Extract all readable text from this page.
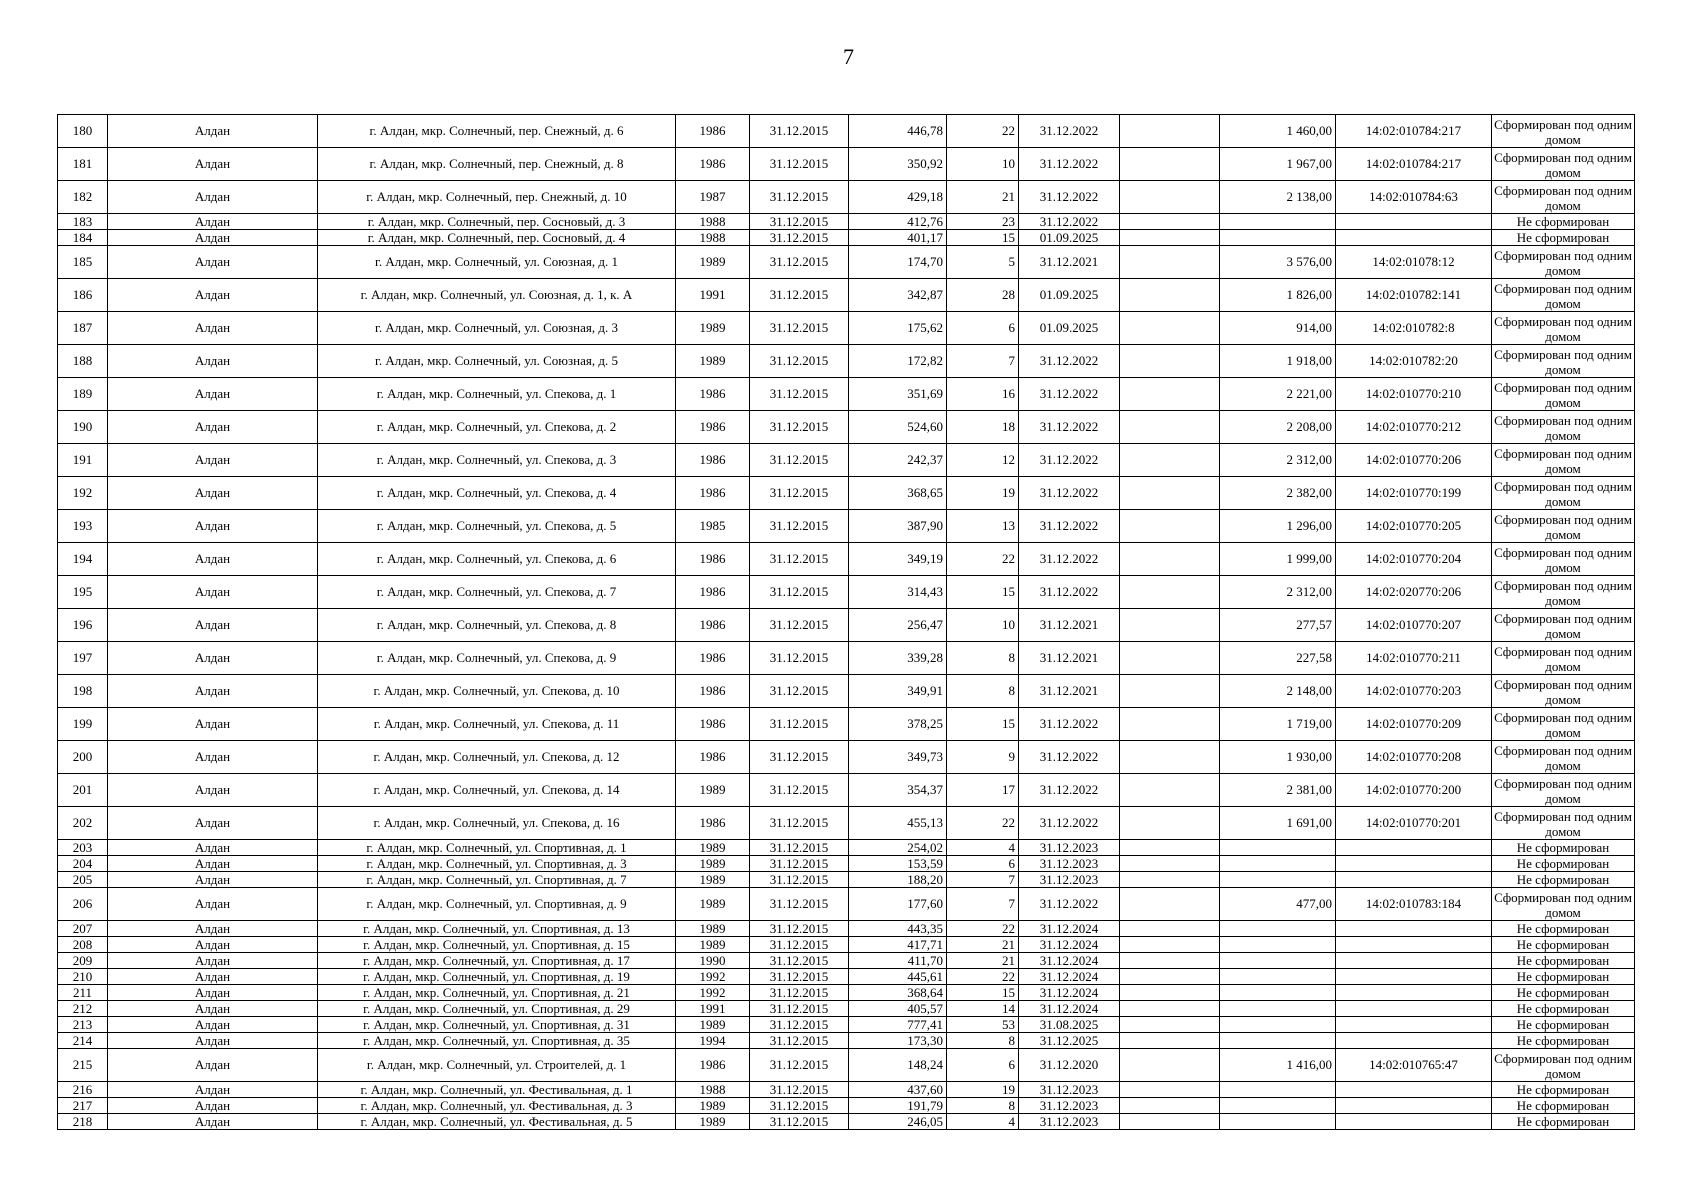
7
180	Алдан	г. Алдан, мкр. Солнечный, пер. Снежный, д. 6	1986	31.12.2015	446,78	22	31.12.2022		1 460,00	14:02:010784:217	Сформирован под одним домом
181	Алдан	г. Алдан, мкр. Солнечный, пер. Снежный, д. 8	1986	31.12.2015	350,92	10	31.12.2022		1 967,00	14:02:010784:217	Сформирован под одним домом
182	Алдан	г. Алдан, мкр. Солнечный, пер. Снежный, д. 10	1987	31.12.2015	429,18	21	31.12.2022		2 138,00	14:02:010784:63	Сформирован под одним домом
183	Алдан	г. Алдан, мкр. Солнечный, пер. Сосновый, д. 3	1988	31.12.2015	412,76	23	31.12.2022				Не сформирован
184	Алдан	г. Алдан, мкр. Солнечный, пер. Сосновый, д. 4	1988	31.12.2015	401,17	15	01.09.2025				Не сформирован
185	Алдан	г. Алдан, мкр. Солнечный, ул. Союзная, д. 1	1989	31.12.2015	174,70	5	31.12.2021		3 576,00	14:02:01078:12	Сформирован под одним домом
186	Алдан	г. Алдан, мкр. Солнечный, ул. Союзная, д. 1, к. А	1991	31.12.2015	342,87	28	01.09.2025		1 826,00	14:02:010782:141	Сформирован под одним домом
187	Алдан	г. Алдан, мкр. Солнечный, ул. Союзная, д. 3	1989	31.12.2015	175,62	6	01.09.2025		914,00	14:02:010782:8	Сформирован под одним домом
188	Алдан	г. Алдан, мкр. Солнечный, ул. Союзная, д. 5	1989	31.12.2015	172,82	7	31.12.2022		1 918,00	14:02:010782:20	Сформирован под одним домом
189	Алдан	г. Алдан, мкр. Солнечный, ул. Спекова, д. 1	1986	31.12.2015	351,69	16	31.12.2022		2 221,00	14:02:010770:210	Сформирован под одним домом
190	Алдан	г. Алдан, мкр. Солнечный, ул. Спекова, д. 2	1986	31.12.2015	524,60	18	31.12.2022		2 208,00	14:02:010770:212	Сформирован под одним домом
191	Алдан	г. Алдан, мкр. Солнечный, ул. Спекова, д. 3	1986	31.12.2015	242,37	12	31.12.2022		2 312,00	14:02:010770:206	Сформирован под одним домом
192	Алдан	г. Алдан, мкр. Солнечный, ул. Спекова, д. 4	1986	31.12.2015	368,65	19	31.12.2022		2 382,00	14:02:010770:199	Сформирован под одним домом
193	Алдан	г. Алдан, мкр. Солнечный, ул. Спекова, д. 5	1985	31.12.2015	387,90	13	31.12.2022		1 296,00	14:02:010770:205	Сформирован под одним домом
194	Алдан	г. Алдан, мкр. Солнечный, ул. Спекова, д. 6	1986	31.12.2015	349,19	22	31.12.2022		1 999,00	14:02:010770:204	Сформирован под одним домом
195	Алдан	г. Алдан, мкр. Солнечный, ул. Спекова, д. 7	1986	31.12.2015	314,43	15	31.12.2022		2 312,00	14:02:020770:206	Сформирован под одним домом
196	Алдан	г. Алдан, мкр. Солнечный, ул. Спекова, д. 8	1986	31.12.2015	256,47	10	31.12.2021		277,57	14:02:010770:207	Сформирован под одним домом
197	Алдан	г. Алдан, мкр. Солнечный, ул. Спекова, д. 9	1986	31.12.2015	339,28	8	31.12.2021		227,58	14:02:010770:211	Сформирован под одним домом
198	Алдан	г. Алдан, мкр. Солнечный, ул. Спекова, д. 10	1986	31.12.2015	349,91	8	31.12.2021		2 148,00	14:02:010770:203	Сформирован под одним домом
199	Алдан	г. Алдан, мкр. Солнечный, ул. Спекова, д. 11	1986	31.12.2015	378,25	15	31.12.2022		1 719,00	14:02:010770:209	Сформирован под одним домом
200	Алдан	г. Алдан, мкр. Солнечный, ул. Спекова, д. 12	1986	31.12.2015	349,73	9	31.12.2022		1 930,00	14:02:010770:208	Сформирован под одним домом
201	Алдан	г. Алдан, мкр. Солнечный, ул. Спекова, д. 14	1989	31.12.2015	354,37	17	31.12.2022		2 381,00	14:02:010770:200	Сформирован под одним домом
202	Алдан	г. Алдан, мкр. Солнечный, ул. Спекова, д. 16	1986	31.12.2015	455,13	22	31.12.2022		1 691,00	14:02:010770:201	Сформирован под одним домом
203	Алдан	г. Алдан, мкр. Солнечный, ул. Спортивная, д. 1	1989	31.12.2015	254,02	4	31.12.2023				Не сформирован
204	Алдан	г. Алдан, мкр. Солнечный, ул. Спортивная, д. 3	1989	31.12.2015	153,59	6	31.12.2023				Не сформирован
205	Алдан	г. Алдан, мкр. Солнечный, ул. Спортивная, д. 7	1989	31.12.2015	188,20	7	31.12.2023				Не сформирован
206	Алдан	г. Алдан, мкр. Солнечный, ул. Спортивная, д. 9	1989	31.12.2015	177,60	7	31.12.2022		477,00	14:02:010783:184	Сформирован под одним домом
207	Алдан	г. Алдан, мкр. Солнечный, ул. Спортивная, д. 13	1989	31.12.2015	443,35	22	31.12.2024				Не сформирован
208	Алдан	г. Алдан, мкр. Солнечный, ул. Спортивная, д. 15	1989	31.12.2015	417,71	21	31.12.2024				Не сформирован
209	Алдан	г. Алдан, мкр. Солнечный, ул. Спортивная, д. 17	1990	31.12.2015	411,70	21	31.12.2024				Не сформирован
210	Алдан	г. Алдан, мкр. Солнечный, ул. Спортивная, д. 19	1992	31.12.2015	445,61	22	31.12.2024				Не сформирован
211	Алдан	г. Алдан, мкр. Солнечный, ул. Спортивная, д. 21	1992	31.12.2015	368,64	15	31.12.2024				Не сформирован
212	Алдан	г. Алдан, мкр. Солнечный, ул. Спортивная, д. 29	1991	31.12.2015	405,57	14	31.12.2024				Не сформирован
213	Алдан	г. Алдан, мкр. Солнечный, ул. Спортивная, д. 31	1989	31.12.2015	777,41	53	31.08.2025				Не сформирован
214	Алдан	г. Алдан, мкр. Солнечный, ул. Спортивная, д. 35	1994	31.12.2015	173,30	8	31.12.2025				Не сформирован
215	Алдан	г. Алдан, мкр. Солнечный, ул. Строителей, д. 1	1986	31.12.2015	148,24	6	31.12.2020		1 416,00	14:02:010765:47	Сформирован под одним домом
216	Алдан	г. Алдан, мкр. Солнечный, ул. Фестивальная, д. 1	1988	31.12.2015	437,60	19	31.12.2023				Не сформирован
217	Алдан	г. Алдан, мкр. Солнечный, ул. Фестивальная, д. 3	1989	31.12.2015	191,79	8	31.12.2023				Не сформирован
218	Алдан	г. Алдан, мкр. Солнечный, ул. Фестивальная, д. 5	1989	31.12.2015	246,05	4	31.12.2023				Не сформирован
